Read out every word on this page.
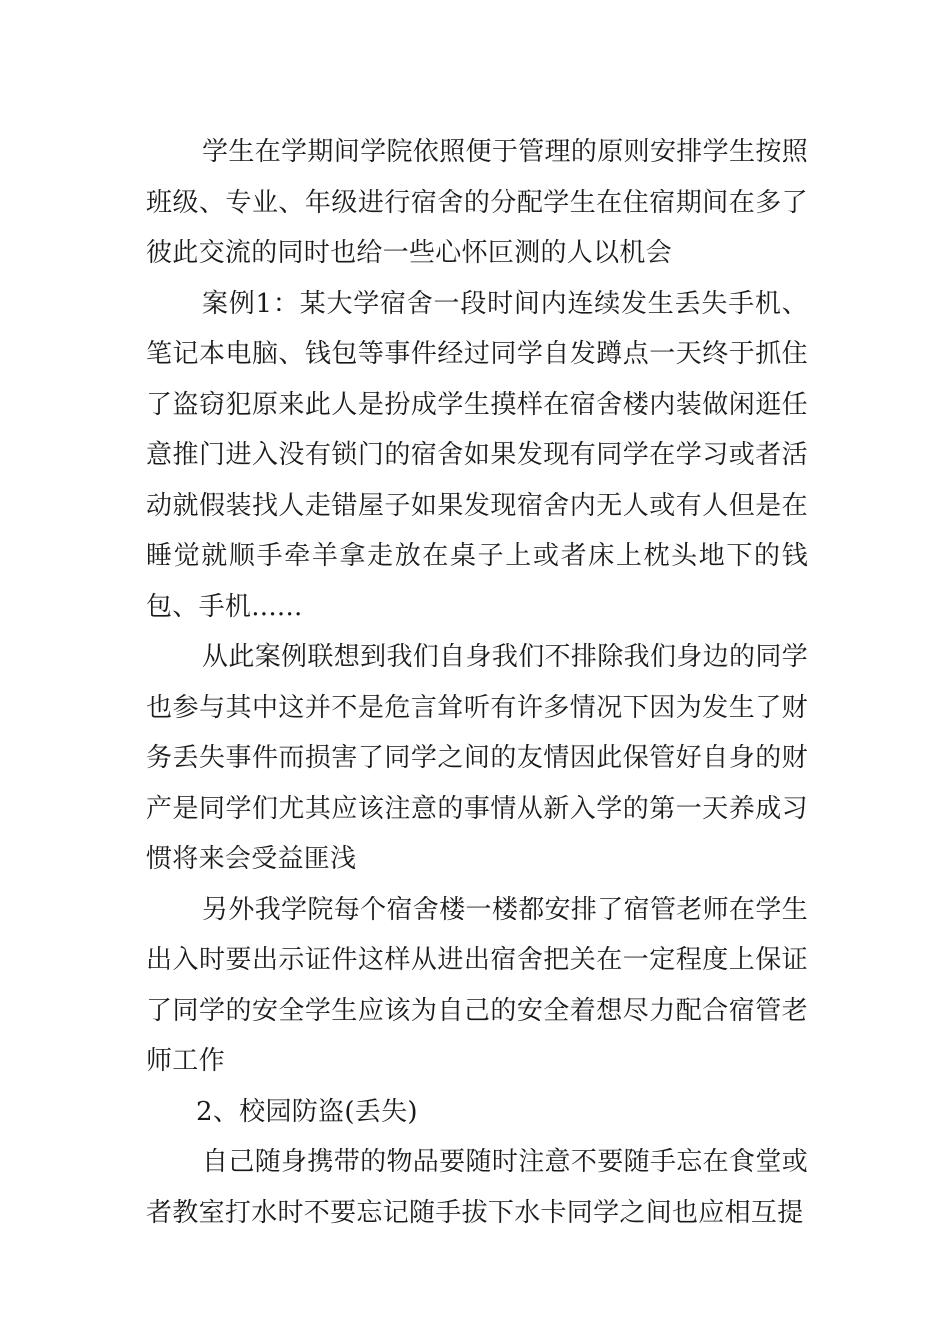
学生在学期间学院依照便于管理的原则安排学生按照班级、专业、年级进行宿舍的分配学生在住宿期间在多了彼此交流的同时也给一些心怀叵测的人以机会

案例1：某大学宿舍一段时间内连续发生丢失手机、笔记本电脑、钱包等事件经过同学自发蹲点一天终于抓住了盗窃犯原来此人是扮成学生摸样在宿舍楼内装做闲逛任意推门进入没有锁门的宿舍如果发现有同学在学习或者活动就假装找人走错屋子如果发现宿舍内无人或有人但是在睡觉就顺手牵羊拿走放在桌子上或者床上枕头地下的钱包、手机......

从此案例联想到我们自身我们不排除我们身边的同学也参与其中这并不是危言耸听有许多情况下因为发生了财务丢失事件而损害了同学之间的友情因此保管好自身的财产是同学们尤其应该注意的事情从新入学的第一天养成习惯将来会受益匪浅

另外我学院每个宿舍楼一楼都安排了宿管老师在学生出入时要出示证件这样从进出宿舍把关在一定程度上保证了同学的安全学生应该为自己的安全着想尽力配合宿管老师工作

2、校园防盗(丢失)

自己随身携带的物品要随时注意不要随手忘在食堂或者教室打水时不要忘记随手拔下水卡同学之间也应相互提
